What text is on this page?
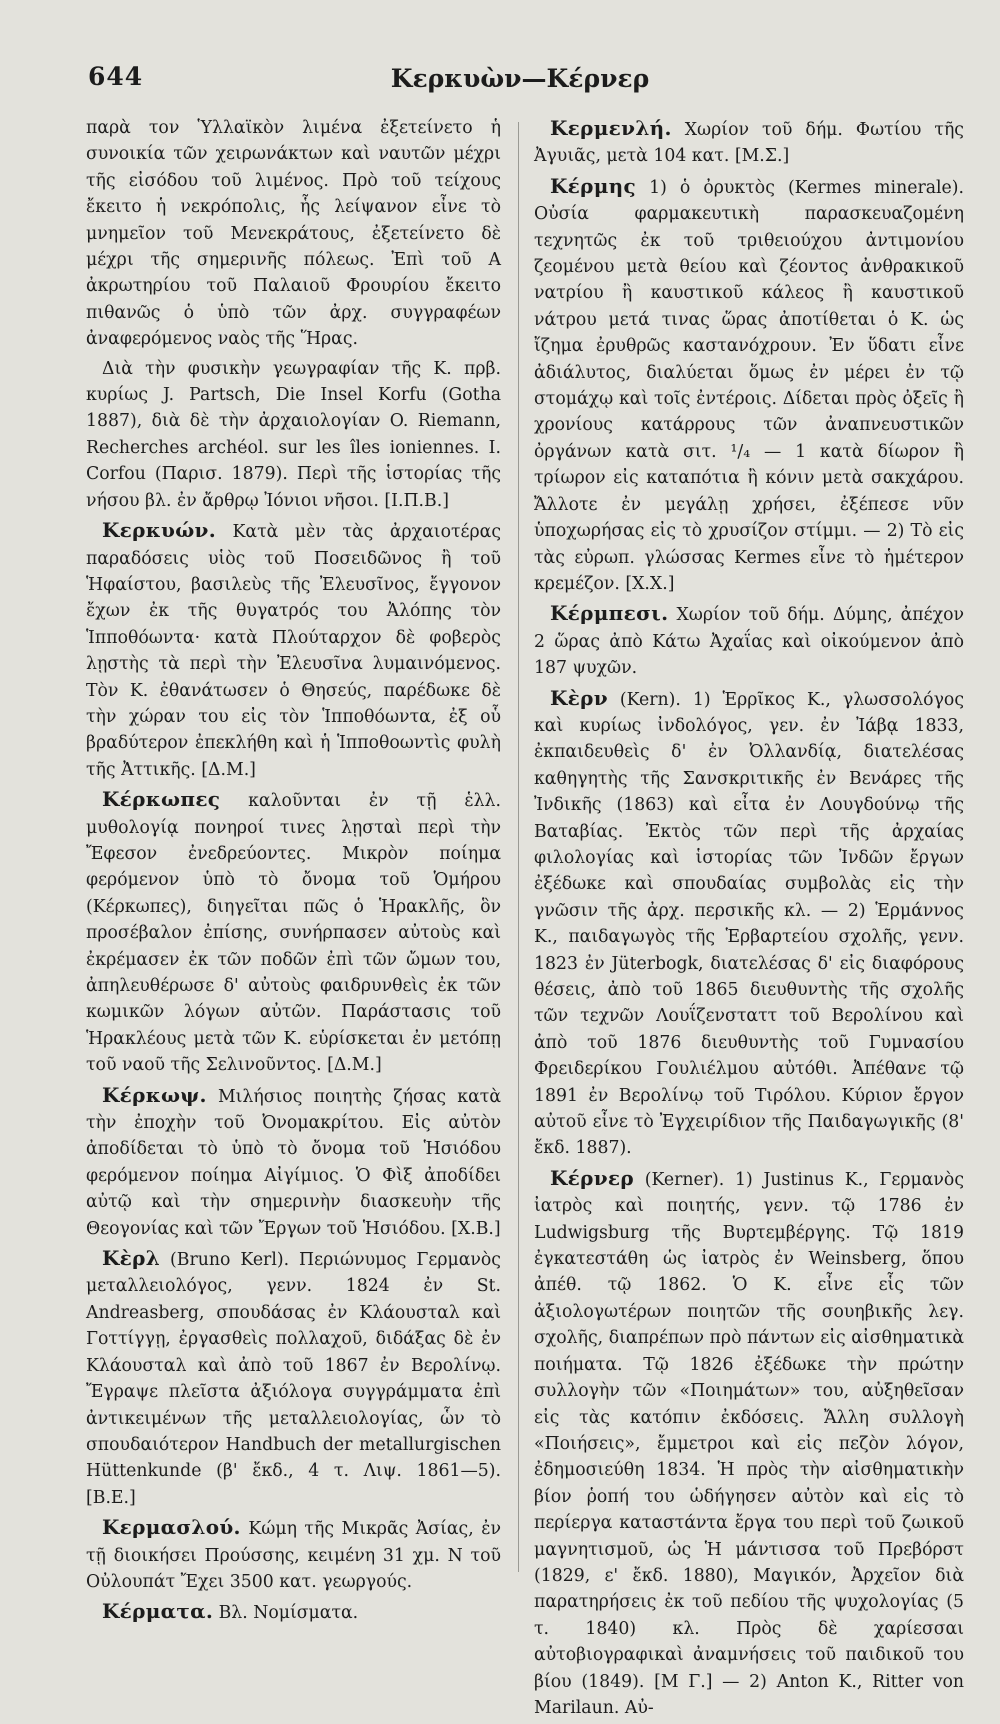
644	Κερκυὼν—Κέρνερ

παρὰ τον Ὑλλαϊκὸν λιμένα ἐξετείνετο ἡ συνοικία τῶν χειρωνάκτων καὶ ναυτῶν μέχρι τῆς εἰσόδου τοῦ λιμένος. Πρὸ τοῦ τείχους ἔκειτο ἡ νεκρόπολις, ἧς λείψανον εἶνε τὸ μνημεῖον τοῦ Μενεκράτους, ἐξετείνετο δὲ μέχρι τῆς σημερινῆς πόλεως. Ἐπὶ τοῦ Α ἀκρωτηρίου τοῦ Παλαιοῦ Φρουρίου ἔκειτο πιθανῶς ὁ ὑπὸ τῶν ἀρχ. συγγραφέων ἀναφερόμενος ναὸς τῆς Ἥρας.

Διὰ τὴν φυσικὴν γεωγραφίαν τῆς Κ. πρβ. κυρίως J. Partsch, Die Insel Korfu (Gotha 1887), διὰ δὲ τὴν ἀρχαιολογίαν O. Riemann, Recherches archéol. sur les îles ioniennes. I. Corfou (Παρισ. 1879). Περὶ τῆς ἱστορίας τῆς νήσου βλ. ἐν ἄρθρῳ Ἰόνιοι νῆσοι. [Ι.Π.Β.]

Κερκυών. Κατὰ μὲν τὰς ἀρχαιοτέρας παραδόσεις υἱὸς τοῦ Ποσειδῶνος ἢ τοῦ Ἡφαίστου, βασιλεὺς τῆς Ἐλευσῖνος, ἔγγονον ἔχων ἐκ τῆς θυγατρός του Ἀλόπης τὸν Ἱπποθόωντα· κατὰ Πλούταρχον δὲ φοβερὸς λῃστὴς τὰ περὶ τὴν Ἐλευσῖνα λυμαινόμενος. Τὸν Κ. ἐθανάτωσεν ὁ Θησεύς, παρέδωκε δὲ τὴν χώραν του εἰς τὸν Ἱπποθόωντα, ἐξ οὗ βραδύτερον ἐπεκλήθη καὶ ἡ Ἱπποθοωντὶς φυλὴ τῆς Ἀττικῆς. [Δ.Μ.]

Κέρκωπες καλοῦνται ἐν τῇ ἑλλ. μυθολογίᾳ πονηροί τινες λῃσταὶ περὶ τὴν Ἔφεσον ἐνεδρεύοντες. Μικρὸν ποίημα φερόμενον ὑπὸ τὸ ὄνομα τοῦ Ὁμήρου (Κέρκωπες), διηγεῖται πῶς ὁ Ἡρακλῆς, ὃν προσέβαλον ἐπίσης, συνήρπασεν αὐτοὺς καὶ ἐκρέμασεν ἐκ τῶν ποδῶν ἐπὶ τῶν ὤμων του, ἀπηλευθέρωσε δ' αὐτοὺς φαιδρυνθεὶς ἐκ τῶν κωμικῶν λόγων αὐτῶν. Παράστασις τοῦ Ἡρακλέους μετὰ τῶν Κ. εὑρίσκεται ἐν μετόπῃ τοῦ ναοῦ τῆς Σελινοῦντος. [Δ.Μ.]

Κέρκωψ. Μιλήσιος ποιητὴς ζήσας κατὰ τὴν ἐποχὴν τοῦ Ὀνομακρίτου. Εἰς αὐτὸν ἀποδίδεται τὸ ὑπὸ τὸ ὄνομα τοῦ Ἡσιόδου φερόμενον ποίημα Αἰγίμιος. Ὁ Φὶξ ἀποδίδει αὐτῷ καὶ τὴν σημερινὴν διασκευὴν τῆς Θεογονίας καὶ τῶν Ἔργων τοῦ Ἡσιόδου. [Χ.Β.]

Κὲρλ (Bruno Kerl). Περιώνυμος Γερμανὸς μεταλλειολόγος, γενν. 1824 ἐν St. Andreasberg, σπουδάσας ἐν Κλάουσταλ καὶ Γοττίγγῃ, ἐργασθεὶς πολλαχοῦ, διδάξας δὲ ἐν Κλάουσταλ καὶ ἀπὸ τοῦ 1867 ἐν Βερολίνῳ. Ἔγραψε πλεῖστα ἀξιόλογα συγγράμματα ἐπὶ ἀντικειμένων τῆς μεταλλειολογίας, ὧν τὸ σπουδαιότερον Handbuch der metallurgischen Hüttenkunde (β' ἔκδ., 4 τ. Λιψ. 1861—5). [Β.Ε.]

Κερμασλού. Κώμη τῆς Μικρᾶς Ἀσίας, ἐν τῇ διοικήσει Προύσσης, κειμένη 31 χμ. Ν τοῦ Οὐλουπάτ Ἔχει 3500 κατ. γεωργούς.

Κέρματα. Βλ. Νομίσματα.

Κερμενλή. Χωρίον τοῦ δήμ. Φωτίου τῆς Ἀγυιᾶς, μετὰ 104 κατ. [Μ.Σ.]

Κέρμης 1) ὁ ὀρυκτὸς (Kermes minerale). Οὐσία φαρμακευτικὴ παρασκευαζομένη τεχνητῶς ἐκ τοῦ τριθειούχου ἀντιμονίου ζεομένου μετὰ θείου καὶ ζέοντος ἀνθρακικοῦ νατρίου ἢ καυστικοῦ κάλεος ἢ καυστικοῦ νάτρου μετά τινας ὥρας ἀποτίθεται ὁ Κ. ὡς ἴζημα ἐρυθρῶς καστανόχρουν. Ἐν ὕδατι εἶνε ἀδιάλυτος, διαλύεται ὅμως ἐν μέρει ἐν τῷ στομάχῳ καὶ τοῖς ἐντέροις. Δίδεται πρὸς ὀξεῖς ἢ χρονίους κατάρρους τῶν ἀναπνευστικῶν ὀργάνων κατὰ σιτ. ¹/₄ — 1 κατὰ δίωρον ἢ τρίωρον εἰς καταπότια ἢ κόνιν μετὰ σακχάρου. Ἄλλοτε ἐν μεγάλῃ χρήσει, ἐξέπεσε νῦν ὑποχωρήσας εἰς τὸ χρυσίζον στίμμι. — 2) Τὸ εἰς τὰς εὐρωπ. γλώσσας Kermes εἶνε τὸ ἡμέτερον κρεμέζον. [Χ.Χ.]

Κέρμπεσι. Χωρίον τοῦ δήμ. Δύμης, ἀπέχον 2 ὥρας ἀπὸ Κάτω Ἀχαΐας καὶ οἰκούμενον ἀπὸ 187 ψυχῶν.

Κὲρν (Kern). 1) Ἑρρῖκος Κ., γλωσσολόγος καὶ κυρίως ἰνδολόγος, γεν. ἐν Ἰάβᾳ 1833, ἐκπαιδευθεὶς δ' ἐν Ὀλλανδίᾳ, διατελέσας καθηγητὴς τῆς Σανσκριτικῆς ἐν Βενάρες τῆς Ἰνδικῆς (1863) καὶ εἶτα ἐν Λουγδούνῳ τῆς Βαταβίας. Ἐκτὸς τῶν περὶ τῆς ἀρχαίας φιλολογίας καὶ ἱστορίας τῶν Ἰνδῶν ἔργων ἐξέδωκε καὶ σπουδαίας συμβολὰς εἰς τὴν γνῶσιν τῆς ἀρχ. περσικῆς κλ. — 2) Ἑρμάννος Κ., παιδαγωγὸς τῆς Ἑρβαρτείου σχολῆς, γενν. 1823 ἐν Jüterbogk, διατελέσας δ' εἰς διαφόρους θέσεις, ἀπὸ τοῦ 1865 διευθυντὴς τῆς σχολῆς τῶν τεχνῶν Λουΐζενσταττ τοῦ Βερολίνου καὶ ἀπὸ τοῦ 1876 διευθυντὴς τοῦ Γυμνασίου Φρειδερίκου Γουλιέλμου αὐτόθι. Ἀπέθανε τῷ 1891 ἐν Βερολίνῳ τοῦ Τιρόλου. Κύριον ἔργον αὐτοῦ εἶνε τὸ Ἐγχειρίδιον τῆς Παιδαγωγικῆς (8' ἔκδ. 1887).

Κέρνερ (Kerner). 1) Justinus K., Γερμανὸς ἰατρὸς καὶ ποιητής, γενν. τῷ 1786 ἐν Ludwigsburg τῆς Βυρτεμβέργης. Τῷ 1819 ἐγκατεστάθη ὡς ἰατρὸς ἐν Weinsberg, ὅπου ἀπέθ. τῷ 1862. Ὁ Κ. εἶνε εἷς τῶν ἀξιολογωτέρων ποιητῶν τῆς σουηβικῆς λεγ. σχολῆς, διαπρέπων πρὸ πάντων εἰς αἰσθηματικὰ ποιήματα. Τῷ 1826 ἐξέδωκε τὴν πρώτην συλλογὴν τῶν «Ποιημάτων» του, αὐξηθεῖσαν εἰς τὰς κατόπιν ἐκδόσεις. Ἄλλη συλλογὴ «Ποιήσεις», ἔμμετροι καὶ εἰς πεζὸν λόγον, ἐδημοσιεύθη 1834. Ἡ πρὸς τὴν αἰσθηματικὴν βίον ῥοπή του ὡδήγησεν αὐτὸν καὶ εἰς τὸ περίεργα καταστάντα ἔργα του περὶ τοῦ ζωικοῦ μαγνητισμοῦ, ὡς Ἡ μάντισσα τοῦ Πρεβόρστ (1829, ε' ἔκδ. 1880), Μαγικόν, Ἀρχεῖον διὰ παρατηρήσεις ἐκ τοῦ πεδίου τῆς ψυχολογίας (5 τ. 1840) κλ. Πρὸς δὲ χαρίεσσαι αὐτοβιογραφικαὶ ἀναμνήσεις τοῦ παιδικοῦ του βίου (1849). [Μ Γ.] — 2) Anton K., Ritter von Marilaun. Αὐ-
